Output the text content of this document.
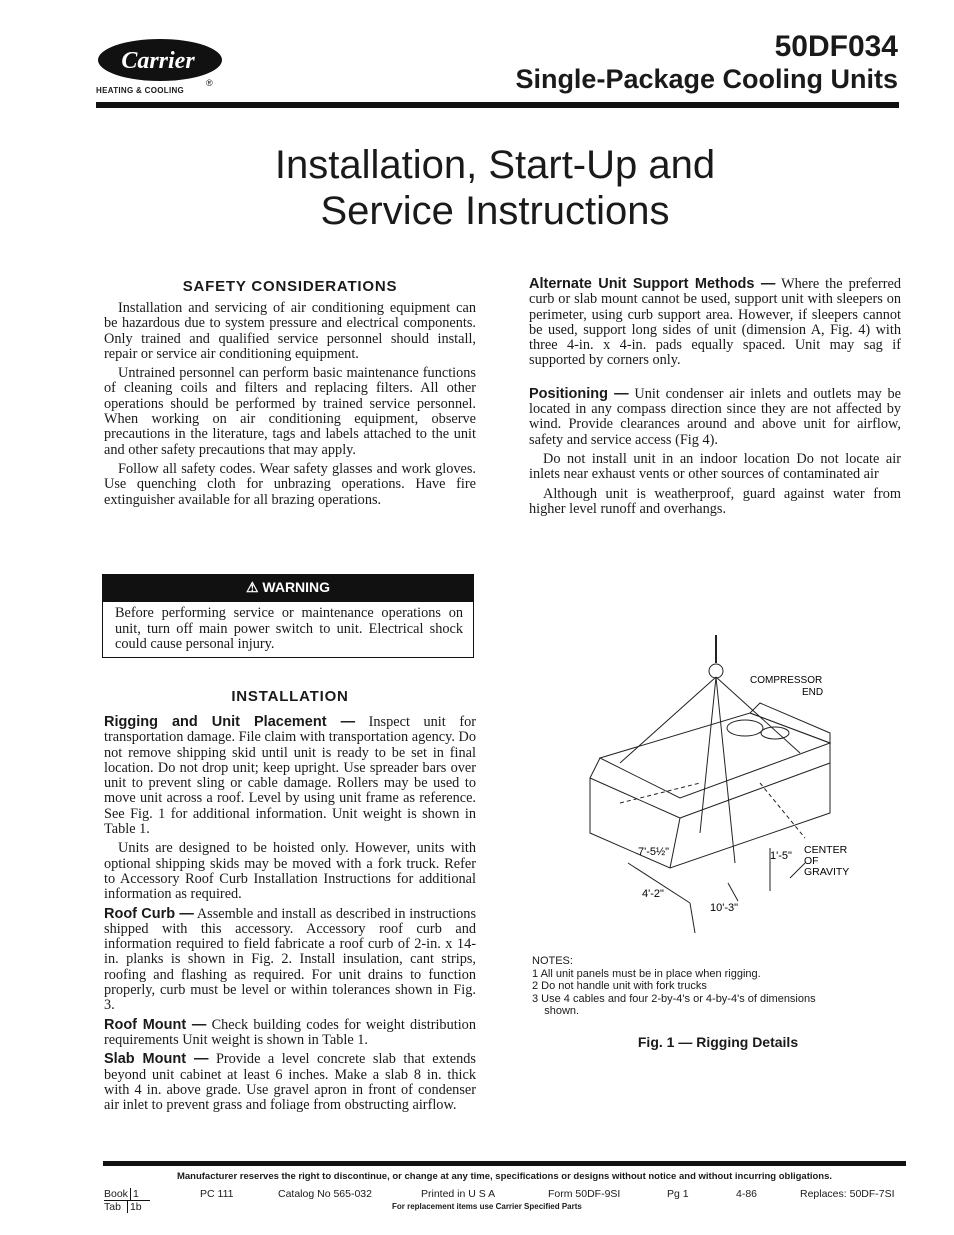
Carrier
®
HEATING & COOLING
50DF034
Single-Package Cooling Units
Installation, Start-Up and
Service Instructions
SAFETY CONSIDERATIONS

Installation and servicing of air conditioning equipment can be hazardous due to system pressure and electrical components. Only trained and qualified service personnel should install, repair or service air conditioning equipment.

Untrained personnel can perform basic maintenance functions of cleaning coils and filters and replacing filters. All other operations should be performed by trained service personnel. When working on air conditioning equipment, observe precautions in the literature, tags and labels attached to the unit and other safety precautions that may apply.

Follow all safety codes. Wear safety glasses and work gloves. Use quenching cloth for unbrazing operations. Have fire extinguisher available for all brazing operations.

⚠ WARNING
Before performing service or maintenance operations on unit, turn off main power switch to unit. Electrical shock could cause personal injury.
INSTALLATION

Rigging and Unit Placement — Inspect unit for transportation damage. File claim with transportation agency. Do not remove shipping skid until unit is ready to be set in final location. Do not drop unit; keep upright. Use spreader bars over unit to prevent sling or cable damage. Rollers may be used to move unit across a roof. Level by using unit frame as reference. See Fig. 1 for additional information. Unit weight is shown in Table 1.

Units are designed to be hoisted only. However, units with optional shipping skids may be moved with a fork truck. Refer to Accessory Roof Curb Installation Instructions for additional information as required.

Roof Curb — Assemble and install as described in instructions shipped with this accessory. Accessory roof curb and information required to field fabricate a roof curb of 2-in. x 14-in. planks is shown in Fig. 2. Install insulation, cant strips, roofing and flashing as required. For unit drains to function properly, curb must be level or within tolerances shown in Fig. 3.

Roof Mount — Check building codes for weight distribution requirements Unit weight is shown in Table 1.

Slab Mount — Provide a level concrete slab that extends beyond unit cabinet at least 6 inches. Make a slab 8 in. thick with 4 in. above grade. Use gravel apron in front of condenser air inlet to prevent grass and foliage from obstructing airflow.

Alternate Unit Support Methods — Where the preferred curb or slab mount cannot be used, support unit with sleepers on perimeter, using curb support area. However, if sleepers cannot be used, support long sides of unit (dimension A, Fig. 4) with three 4-in. x 4-in. pads equally spaced. Unit may sag if supported by corners only.

Positioning — Unit condenser air inlets and outlets may be located in any compass direction since they are not affected by wind. Provide clearances around and above unit for airflow, safety and service access (Fig 4).

Do not install unit in an indoor location Do not locate air inlets near exhaust vents or other sources of contaminated air

Although unit is weatherproof, guard against water from higher level runoff and overhangs.

COMPRESSOR
END
7'-5½"	1'-5"
4'-2"
10'-3"
CENTER
OF
GRAVITY
NOTES:
1 All unit panels must be in place when rigging.
2 Do not handle unit with fork trucks
3 Use 4 cables and four 2-by-4's or 4-by-4's of dimensions
shown.
Fig. 1 — Rigging Details
Manufacturer reserves the right to discontinue, or change at any time, specifications or designs without notice and without incurring obligations.
Book 1
Tab 1b
PC 111	Catalog No 565-032	Printed in U S A	Form 50DF-9SI	Pg 1	4-86	Replaces: 50DF-7SI
For replacement items use Carrier Specified Parts
